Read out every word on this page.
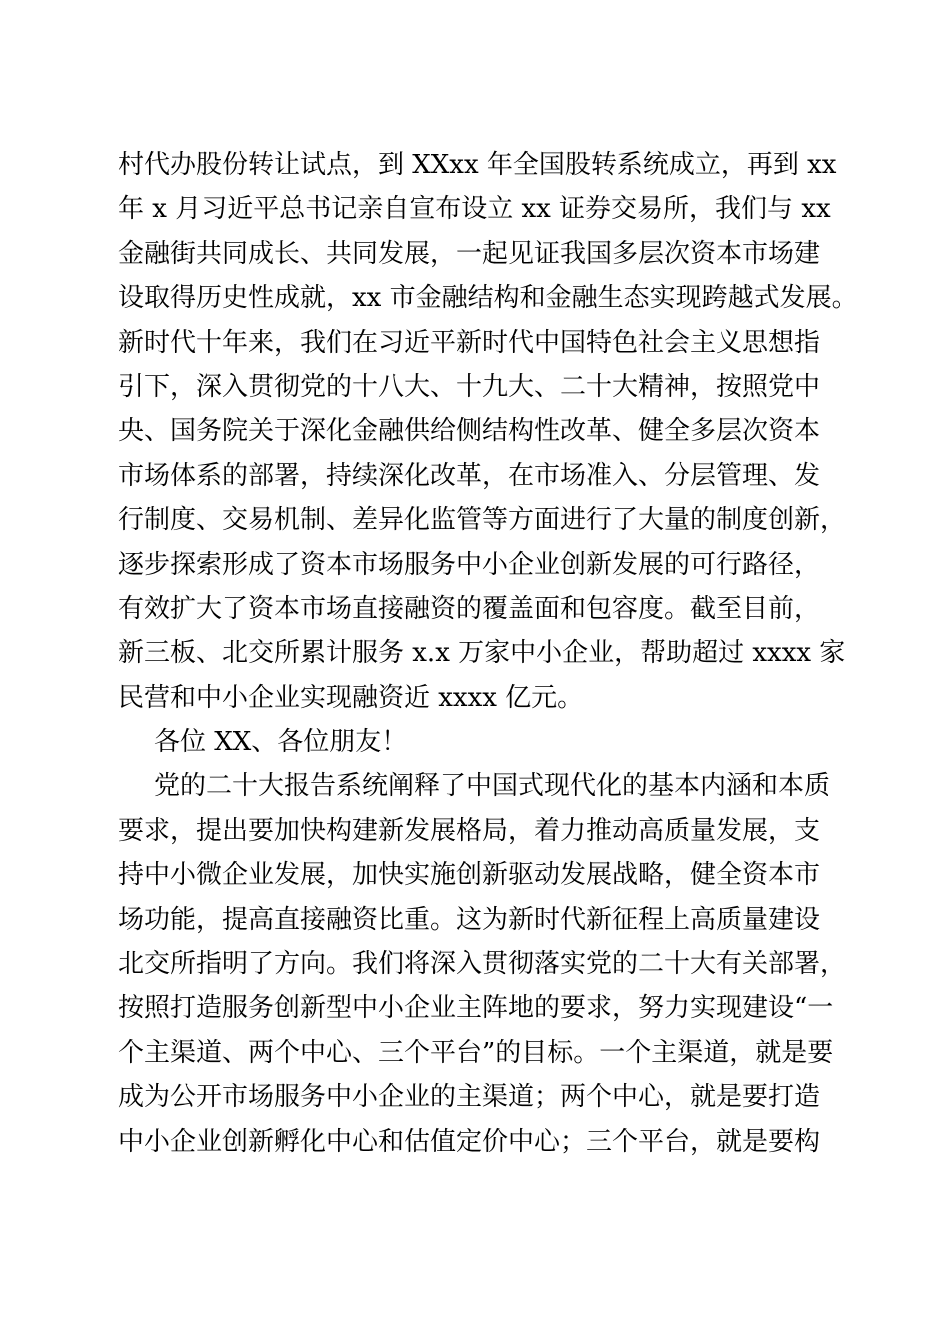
村代办股份转让试点，到 XXxx 年全国股转系统成立，再到 xx
年 x 月习近平总书记亲自宣布设立 xx 证券交易所，我们与 xx
金融街共同成长、共同发展，一起见证我国多层次资本市场建
设取得历史性成就，xx 市金融结构和金融生态实现跨越式发展。
新时代十年来，我们在习近平新时代中国特色社会主义思想指
引下，深入贯彻党的十八大、十九大、二十大精神，按照党中
央、国务院关于深化金融供给侧结构性改革、健全多层次资本
市场体系的部署，持续深化改革，在市场准入、分层管理、发
行制度、交易机制、差异化监管等方面进行了大量的制度创新，
逐步探索形成了资本市场服务中小企业创新发展的可行路径，
有效扩大了资本市场直接融资的覆盖面和包容度。截至目前，
新三板、北交所累计服务 x.x 万家中小企业，帮助超过 xxxx 家
民营和中小企业实现融资近 xxxx 亿元。
各位 XX、各位朋友！
党的二十大报告系统阐释了中国式现代化的基本内涵和本质
要求，提出要加快构建新发展格局，着力推动高质量发展，支
持中小微企业发展，加快实施创新驱动发展战略，健全资本市
场功能，提高直接融资比重。这为新时代新征程上高质量建设
北交所指明了方向。我们将深入贯彻落实党的二十大有关部署，
按照打造服务创新型中小企业主阵地的要求，努力实现建设“一
个主渠道、两个中心、三个平台”的目标。一个主渠道，就是要
成为公开市场服务中小企业的主渠道；两个中心，就是要打造
中小企业创新孵化中心和估值定价中心；三个平台，就是要构
